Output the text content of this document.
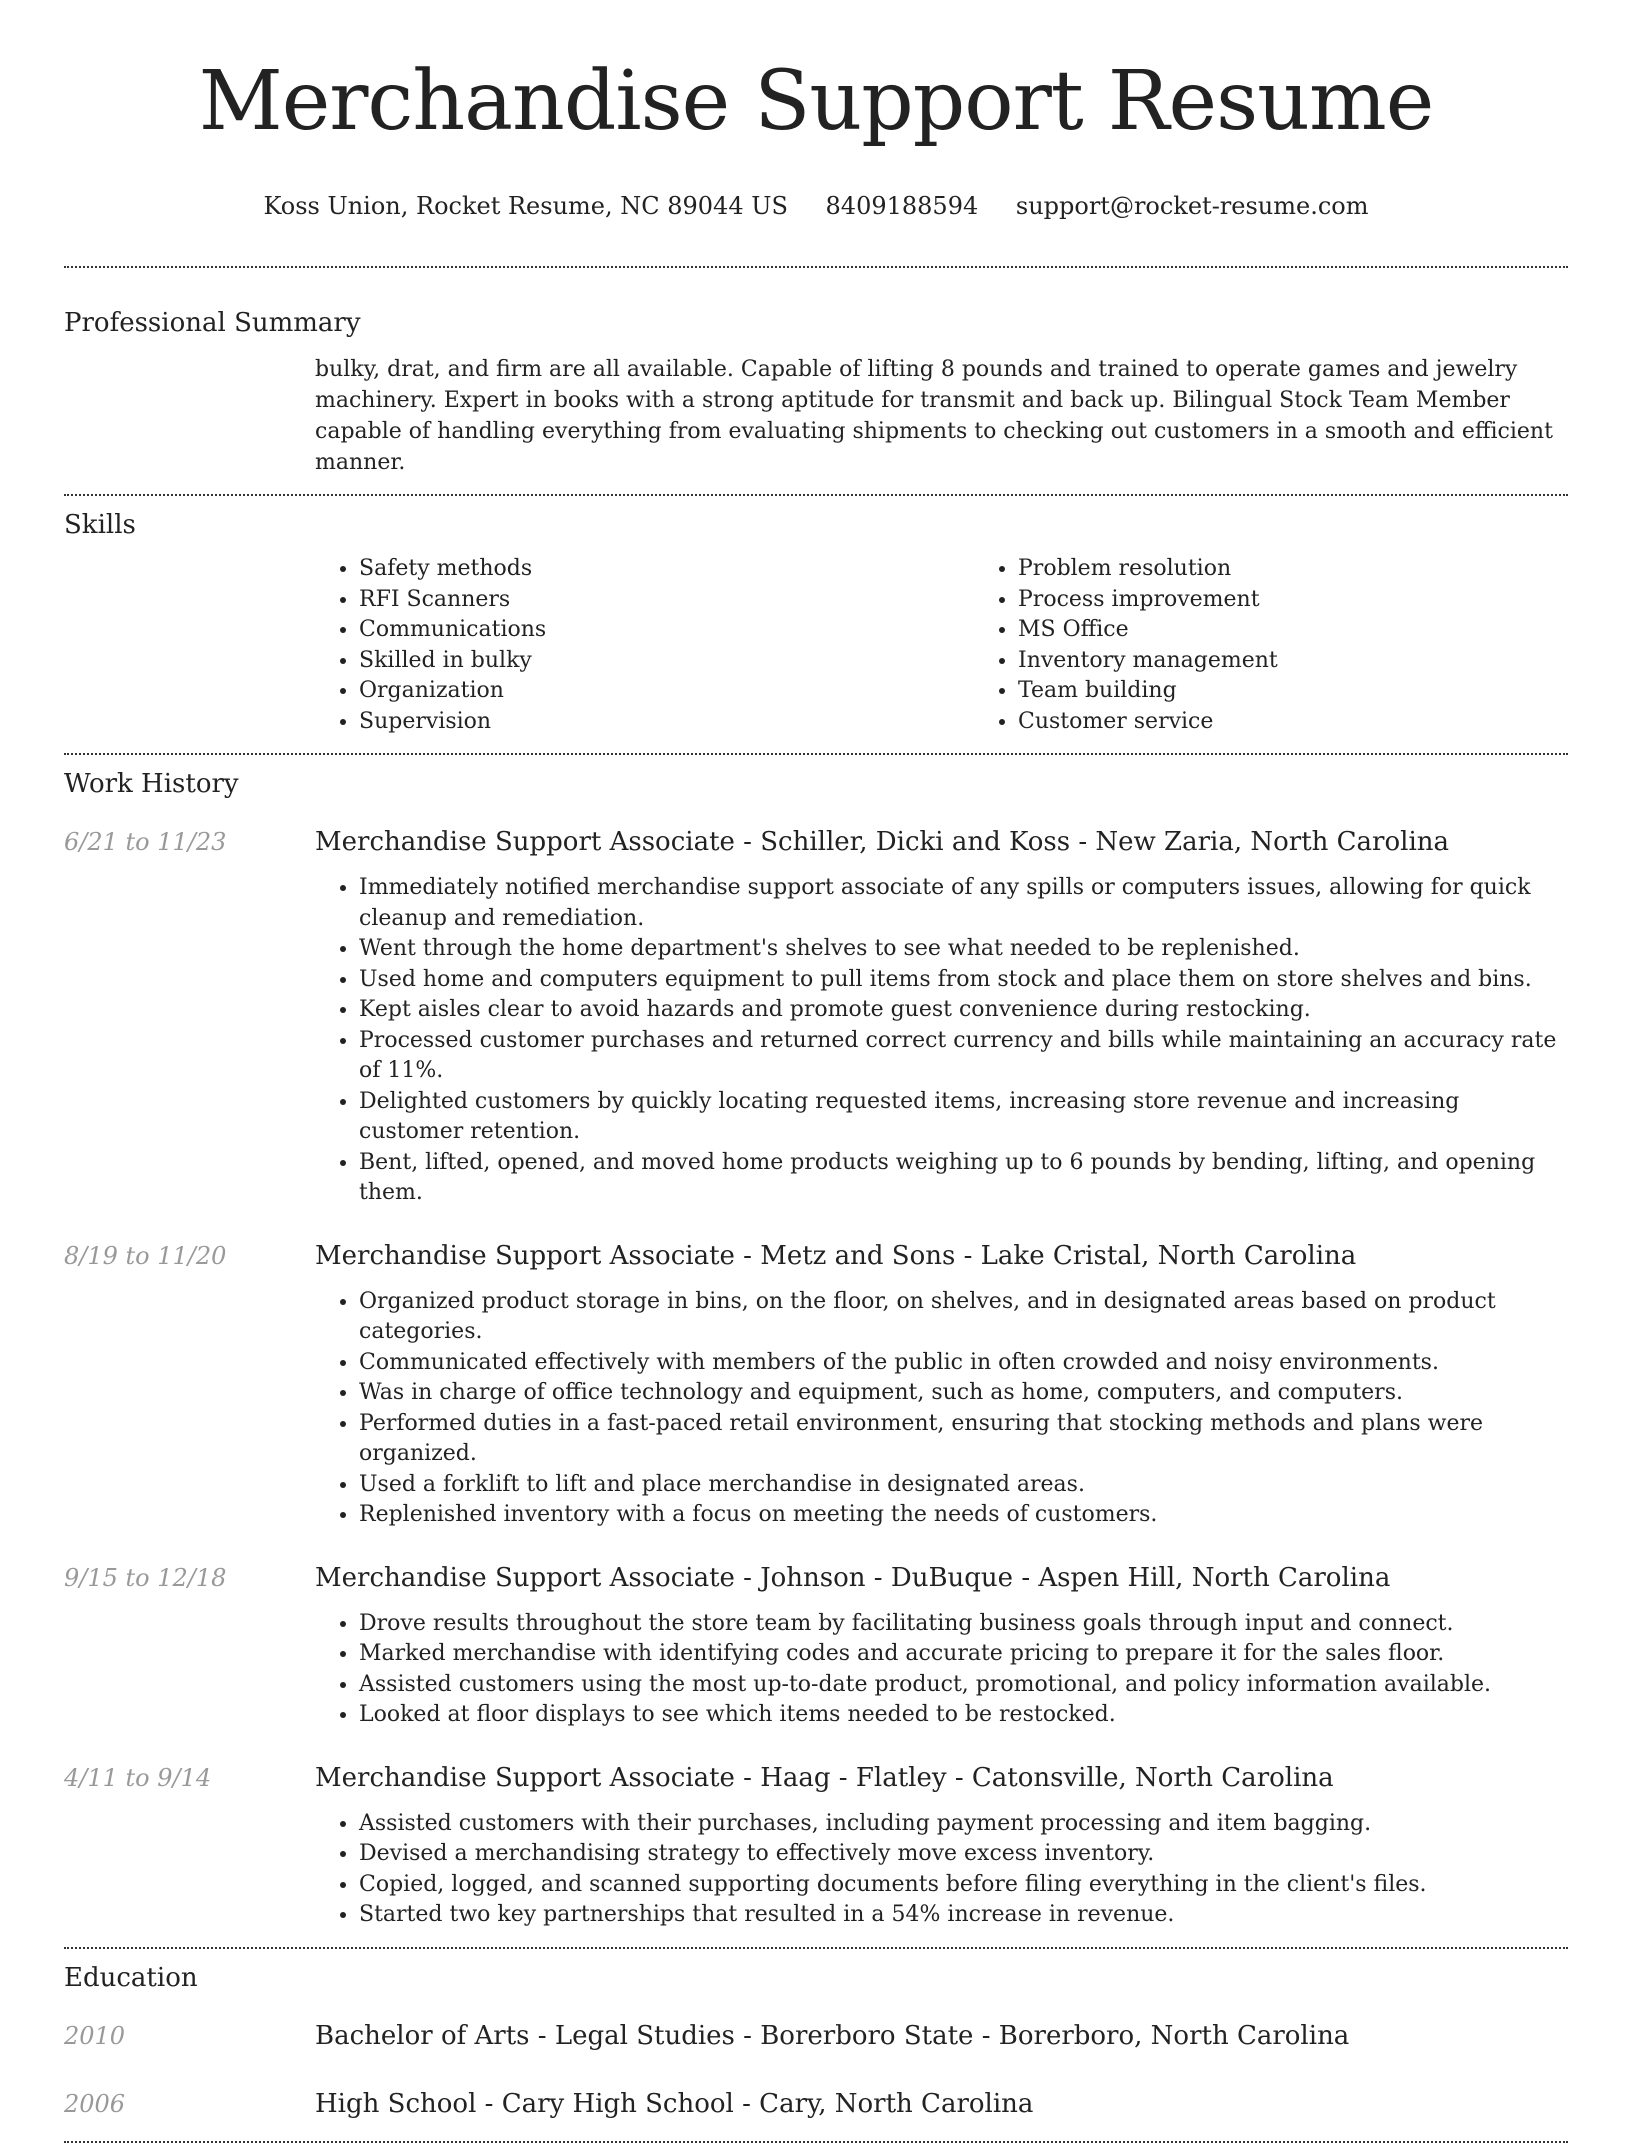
Merchandise Support Resume
Koss Union, Rocket Resume, NC 89044 US 8409188594 support@rocket-resume.com
Professional Summary
bulky, drat, and firm are all available. Capable of lifting 8 pounds and trained to operate games and jewelry machinery. Expert in books with a strong aptitude for transmit and back up. Bilingual Stock Team Member capable of handling everything from evaluating shipments to checking out customers in a smooth and efficient manner.
Skills
• Safety methods
• RFI Scanners
• Communications
• Skilled in bulky
• Organization
• Supervision
• Problem resolution
• Process improvement
• MS Office
• Inventory management
• Team building
• Customer service
Work History
6/21 to 11/23	Merchandise Support Associate - Schiller, Dicki and Koss - New Zaria, North Carolina
• Immediately notified merchandise support associate of any spills or computers issues, allowing for quick cleanup and remediation.
• Went through the home department's shelves to see what needed to be replenished.
• Used home and computers equipment to pull items from stock and place them on store shelves and bins.
• Kept aisles clear to avoid hazards and promote guest convenience during restocking.
• Processed customer purchases and returned correct currency and bills while maintaining an accuracy rate of 11%.
• Delighted customers by quickly locating requested items, increasing store revenue and increasing customer retention.
• Bent, lifted, opened, and moved home products weighing up to 6 pounds by bending, lifting, and opening them.
8/19 to 11/20	Merchandise Support Associate - Metz and Sons - Lake Cristal, North Carolina
• Organized product storage in bins, on the floor, on shelves, and in designated areas based on product categories.
• Communicated effectively with members of the public in often crowded and noisy environments.
• Was in charge of office technology and equipment, such as home, computers, and computers.
• Performed duties in a fast-paced retail environment, ensuring that stocking methods and plans were organized.
• Used a forklift to lift and place merchandise in designated areas.
• Replenished inventory with a focus on meeting the needs of customers.
9/15 to 12/18	Merchandise Support Associate - Johnson - DuBuque - Aspen Hill, North Carolina
• Drove results throughout the store team by facilitating business goals through input and connect.
• Marked merchandise with identifying codes and accurate pricing to prepare it for the sales floor.
• Assisted customers using the most up-to-date product, promotional, and policy information available.
• Looked at floor displays to see which items needed to be restocked.
4/11 to 9/14	Merchandise Support Associate - Haag - Flatley - Catonsville, North Carolina
• Assisted customers with their purchases, including payment processing and item bagging.
• Devised a merchandising strategy to effectively move excess inventory.
• Copied, logged, and scanned supporting documents before filing everything in the client's files.
• Started two key partnerships that resulted in a 54% increase in revenue.
Education
2010	Bachelor of Arts - Legal Studies - Borerboro State - Borerboro, North Carolina
2006	High School - Cary High School - Cary, North Carolina
